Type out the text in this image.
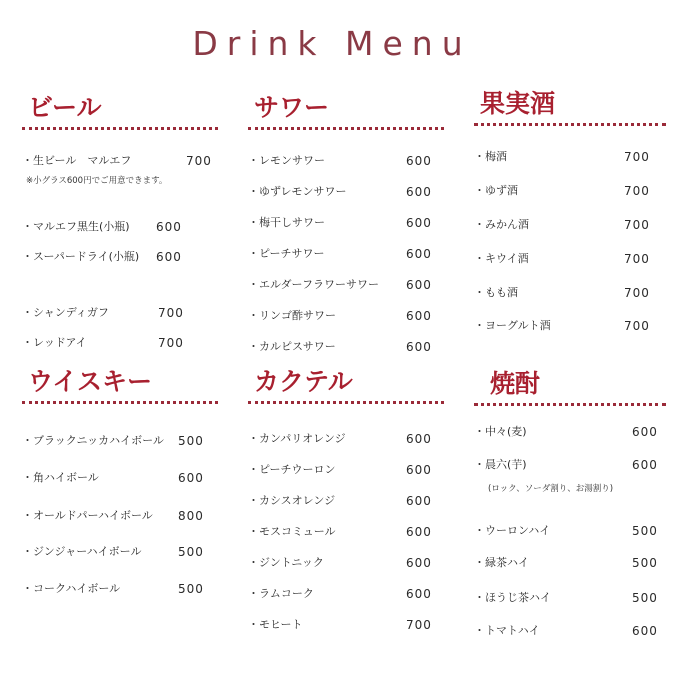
Drink Menu
ビール
・生ビール　マルエフ	700
※小グラス600円でご用意できます。
・マルエフ黒生(小瓶) 600
・スーパードライ(小瓶) 600
・シャンディガフ	700
・レッドアイ	700
サワー
・レモンサワー	600
・ゆずレモンサワー	600
・梅干しサワー	600
・ピーチサワー	600
・エルダーフラワーサワー 600
・リンゴ酢サワー	600
・カルピスサワー	600
果実酒
・梅酒	700
・ゆず酒	700
・みかん酒	700
・キウイ酒	700
・もも酒	700
・ヨーグルト酒	700
ウイスキー
・ブラックニッカハイボール 500
・角ハイボール	600
・オールドパーハイボール 800
・ジンジャーハイボール	500
・コークハイボール	500
カクテル
・カンパリオレンジ	600
・ピーチウーロン	600
・カシスオレンジ	600
・モスコミュール	600
・ジントニック	600
・ラムコーク	600
・モヒート	700
焼酎
・中々(麦)	600
・晨六(芋)	600
(ロック、ソーダ割り、お湯割り)
・ウーロンハイ	500
・緑茶ハイ	500
・ほうじ茶ハイ	500
・トマトハイ	600
